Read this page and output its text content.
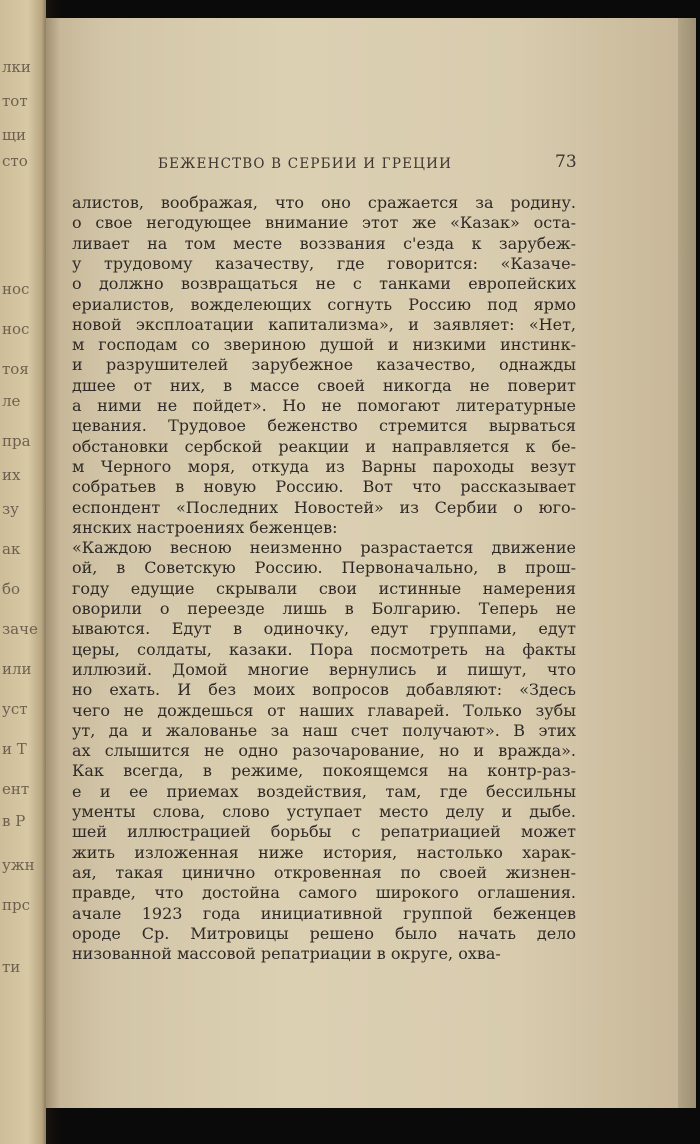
БЕЖЕНСТВО В СЕРБИИ И ГРЕЦИИ	73
алистов, воображая, что оно сражается за родину.
о свое негодующее внимание этот же «Казак» оста-
ливает на том месте воззвания с'езда к зарубеж-
у трудовому казачеству, где говорится: «Казаче-
о должно возвращаться не с танками европейских
ериалистов, вожделеющих согнуть Россию под ярмо
новой эксплоатации капитализма», и заявляет: «Нет,
м господам со звериною душой и низкими инстинк-
и разрушителей зарубежное казачество, однажды
дшее от них, в массе своей никогда не поверит
а ними не пойдет». Но не помогают литературные
цевания. Трудовое беженство стремится вырваться
обстановки сербской реакции и направляется к бе-
м Черного моря, откуда из Варны пароходы везут
собратьев в новую Россию. Вот что рассказывает
еспондент «Последних Новостей» из Сербии о юго-
янских настроениях беженцев:
«Каждою весною неизменно разрастается движение
ой, в Советскую Россию. Первоначально, в прош-
году едущие скрывали свои истинные намерения
оворили о переезде лишь в Болгарию. Теперь не
ываются. Едут в одиночку, едут группами, едут
церы, солдаты, казаки. Пора посмотреть на факты
иллюзий. Домой многие вернулись и пишут, что
но ехать. И без моих вопросов добавляют: «Здесь
чего не дождешься от наших главарей. Только зубы
ут, да и жалованье за наш счет получают». В этих
ах слышится не одно разочарование, но и вражда».
Как всегда, в режиме, покоящемся на контр-раз-
е и ее приемах воздействия, там, где бессильны
ументы слова, слово уступает место делу и дыбе.
шей иллюстрацией борьбы с репатриацией может
жить изложенная ниже история, настолько харак-
ая, такая цинично откровенная по своей жизнен-
правде, что достойна самого широкого оглашения.
ачале 1923 года инициативной группой беженцев
ороде Ср. Митровицы решено было начать дело
низованной массовой репатриации в округе, охва-
лки
тот
щи
сто
нос
нос
тоя
ле
пра
их
зу
ак
бо
заче
или
уст
и Т
ент
в Р
ужн
прс
ти
